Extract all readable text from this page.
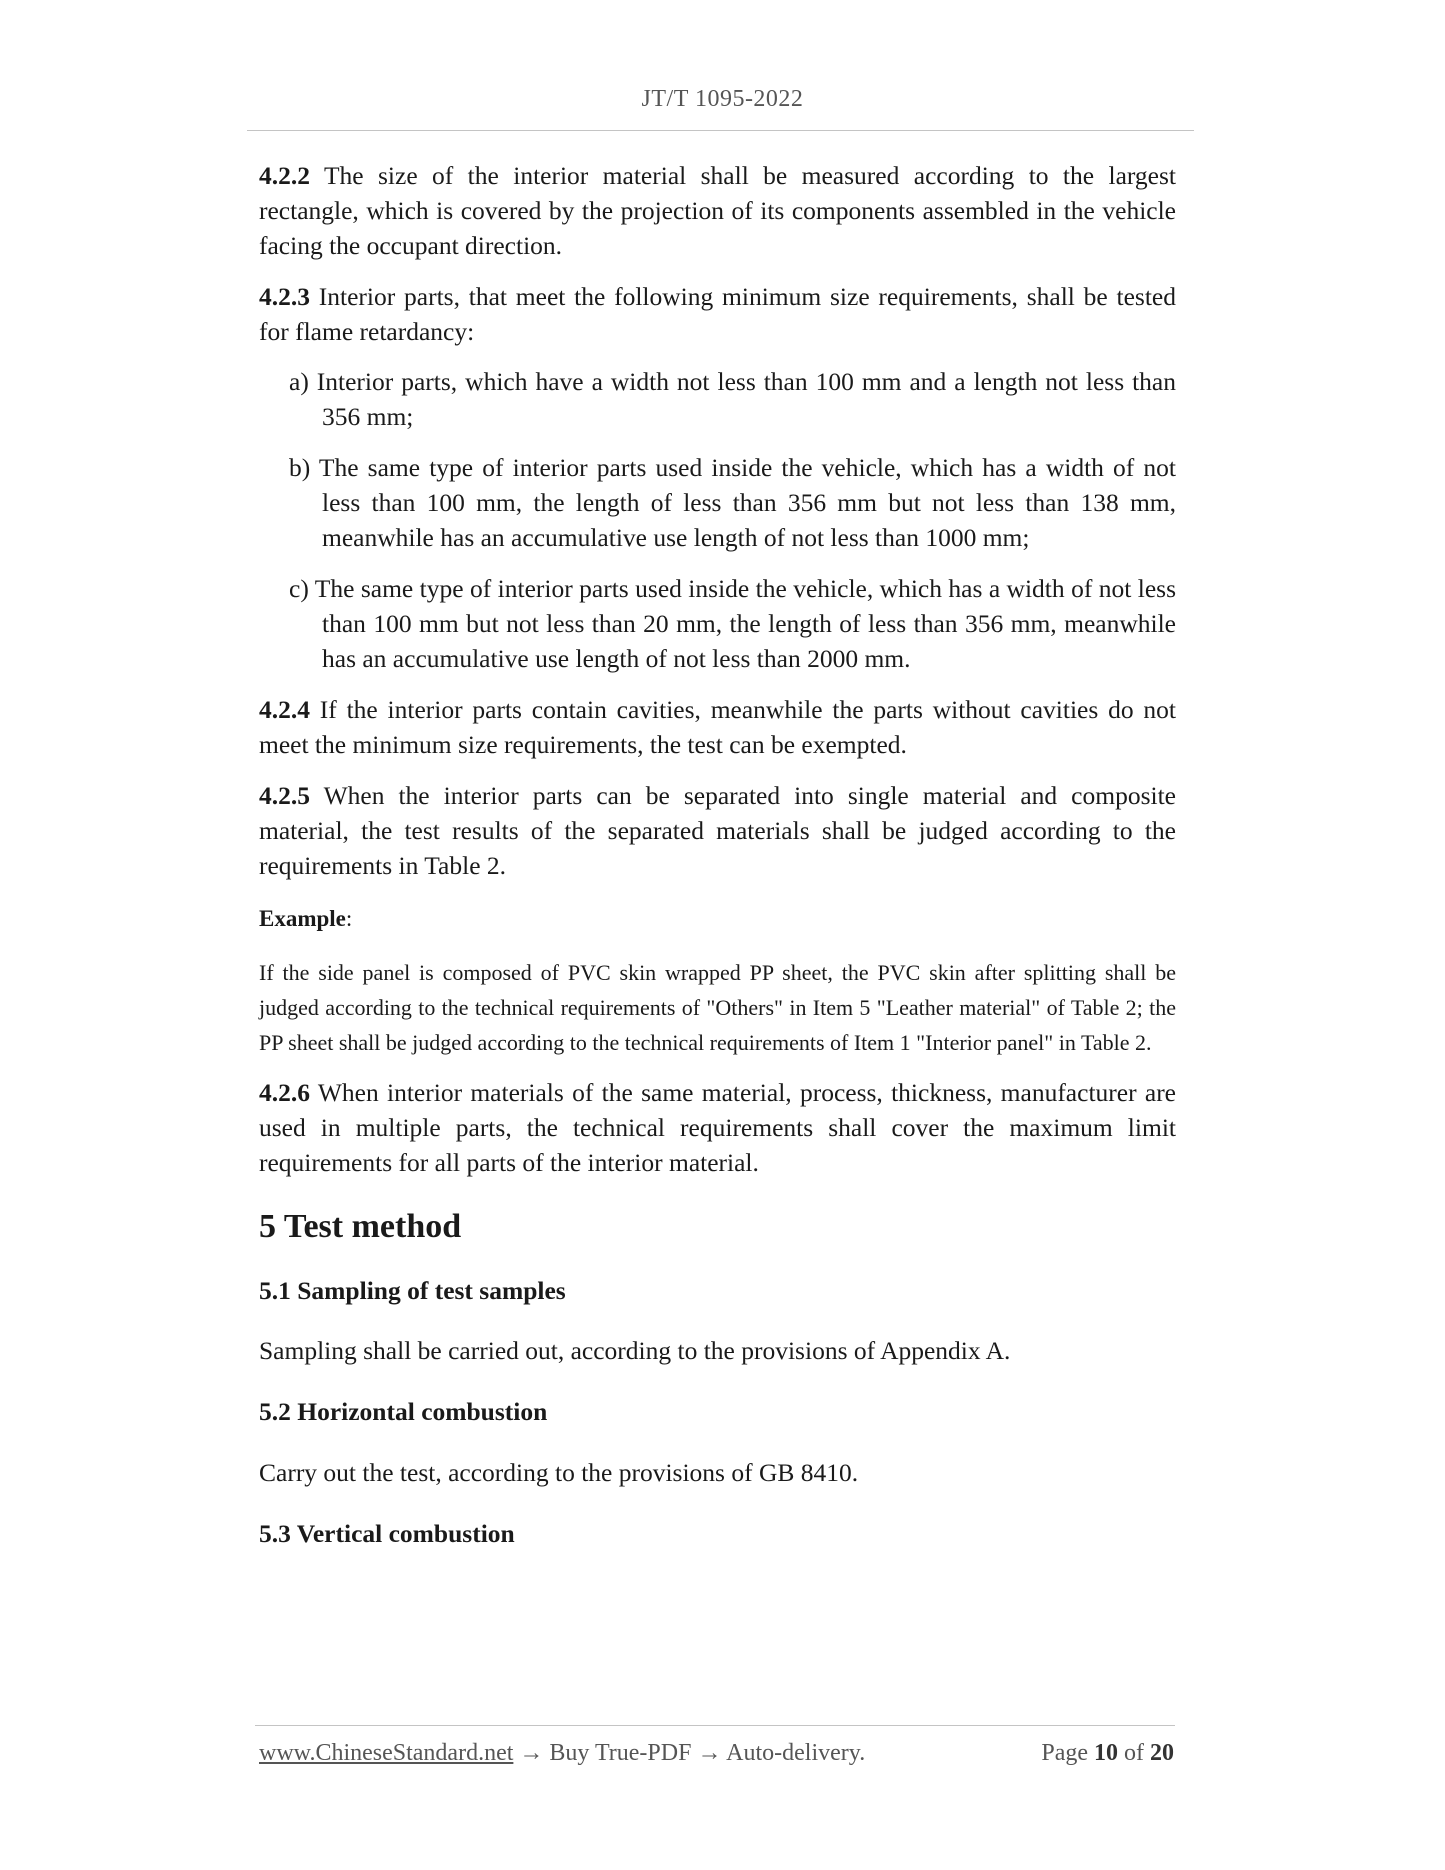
JT/T 1095-2022

4.2.2 The size of the interior material shall be measured according to the largest rectangle, which is covered by the projection of its components assembled in the vehicle facing the occupant direction.

4.2.3 Interior parts, that meet the following minimum size requirements, shall be tested for flame retardancy:

a) Interior parts, which have a width not less than 100 mm and a length not less than 356 mm;

b) The same type of interior parts used inside the vehicle, which has a width of not less than 100 mm, the length of less than 356 mm but not less than 138 mm, meanwhile has an accumulative use length of not less than 1000 mm;

c) The same type of interior parts used inside the vehicle, which has a width of not less than 100 mm but not less than 20 mm, the length of less than 356 mm, meanwhile has an accumulative use length of not less than 2000 mm.

4.2.4 If the interior parts contain cavities, meanwhile the parts without cavities do not meet the minimum size requirements, the test can be exempted.

4.2.5 When the interior parts can be separated into single material and composite material, the test results of the separated materials shall be judged according to the requirements in Table 2.

Example:

If the side panel is composed of PVC skin wrapped PP sheet, the PVC skin after splitting shall be judged according to the technical requirements of "Others" in Item 5 "Leather material" of Table 2; the PP sheet shall be judged according to the technical requirements of Item 1 "Interior panel" in Table 2.

4.2.6 When interior materials of the same material, process, thickness, manufacturer are used in multiple parts, the technical requirements shall cover the maximum limit requirements for all parts of the interior material.

5 Test method

5.1 Sampling of test samples

Sampling shall be carried out, according to the provisions of Appendix A.

5.2 Horizontal combustion

Carry out the test, according to the provisions of GB 8410.

5.3 Vertical combustion

www.ChineseStandard.net → Buy True-PDF → Auto-delivery.	Page 10 of 20
